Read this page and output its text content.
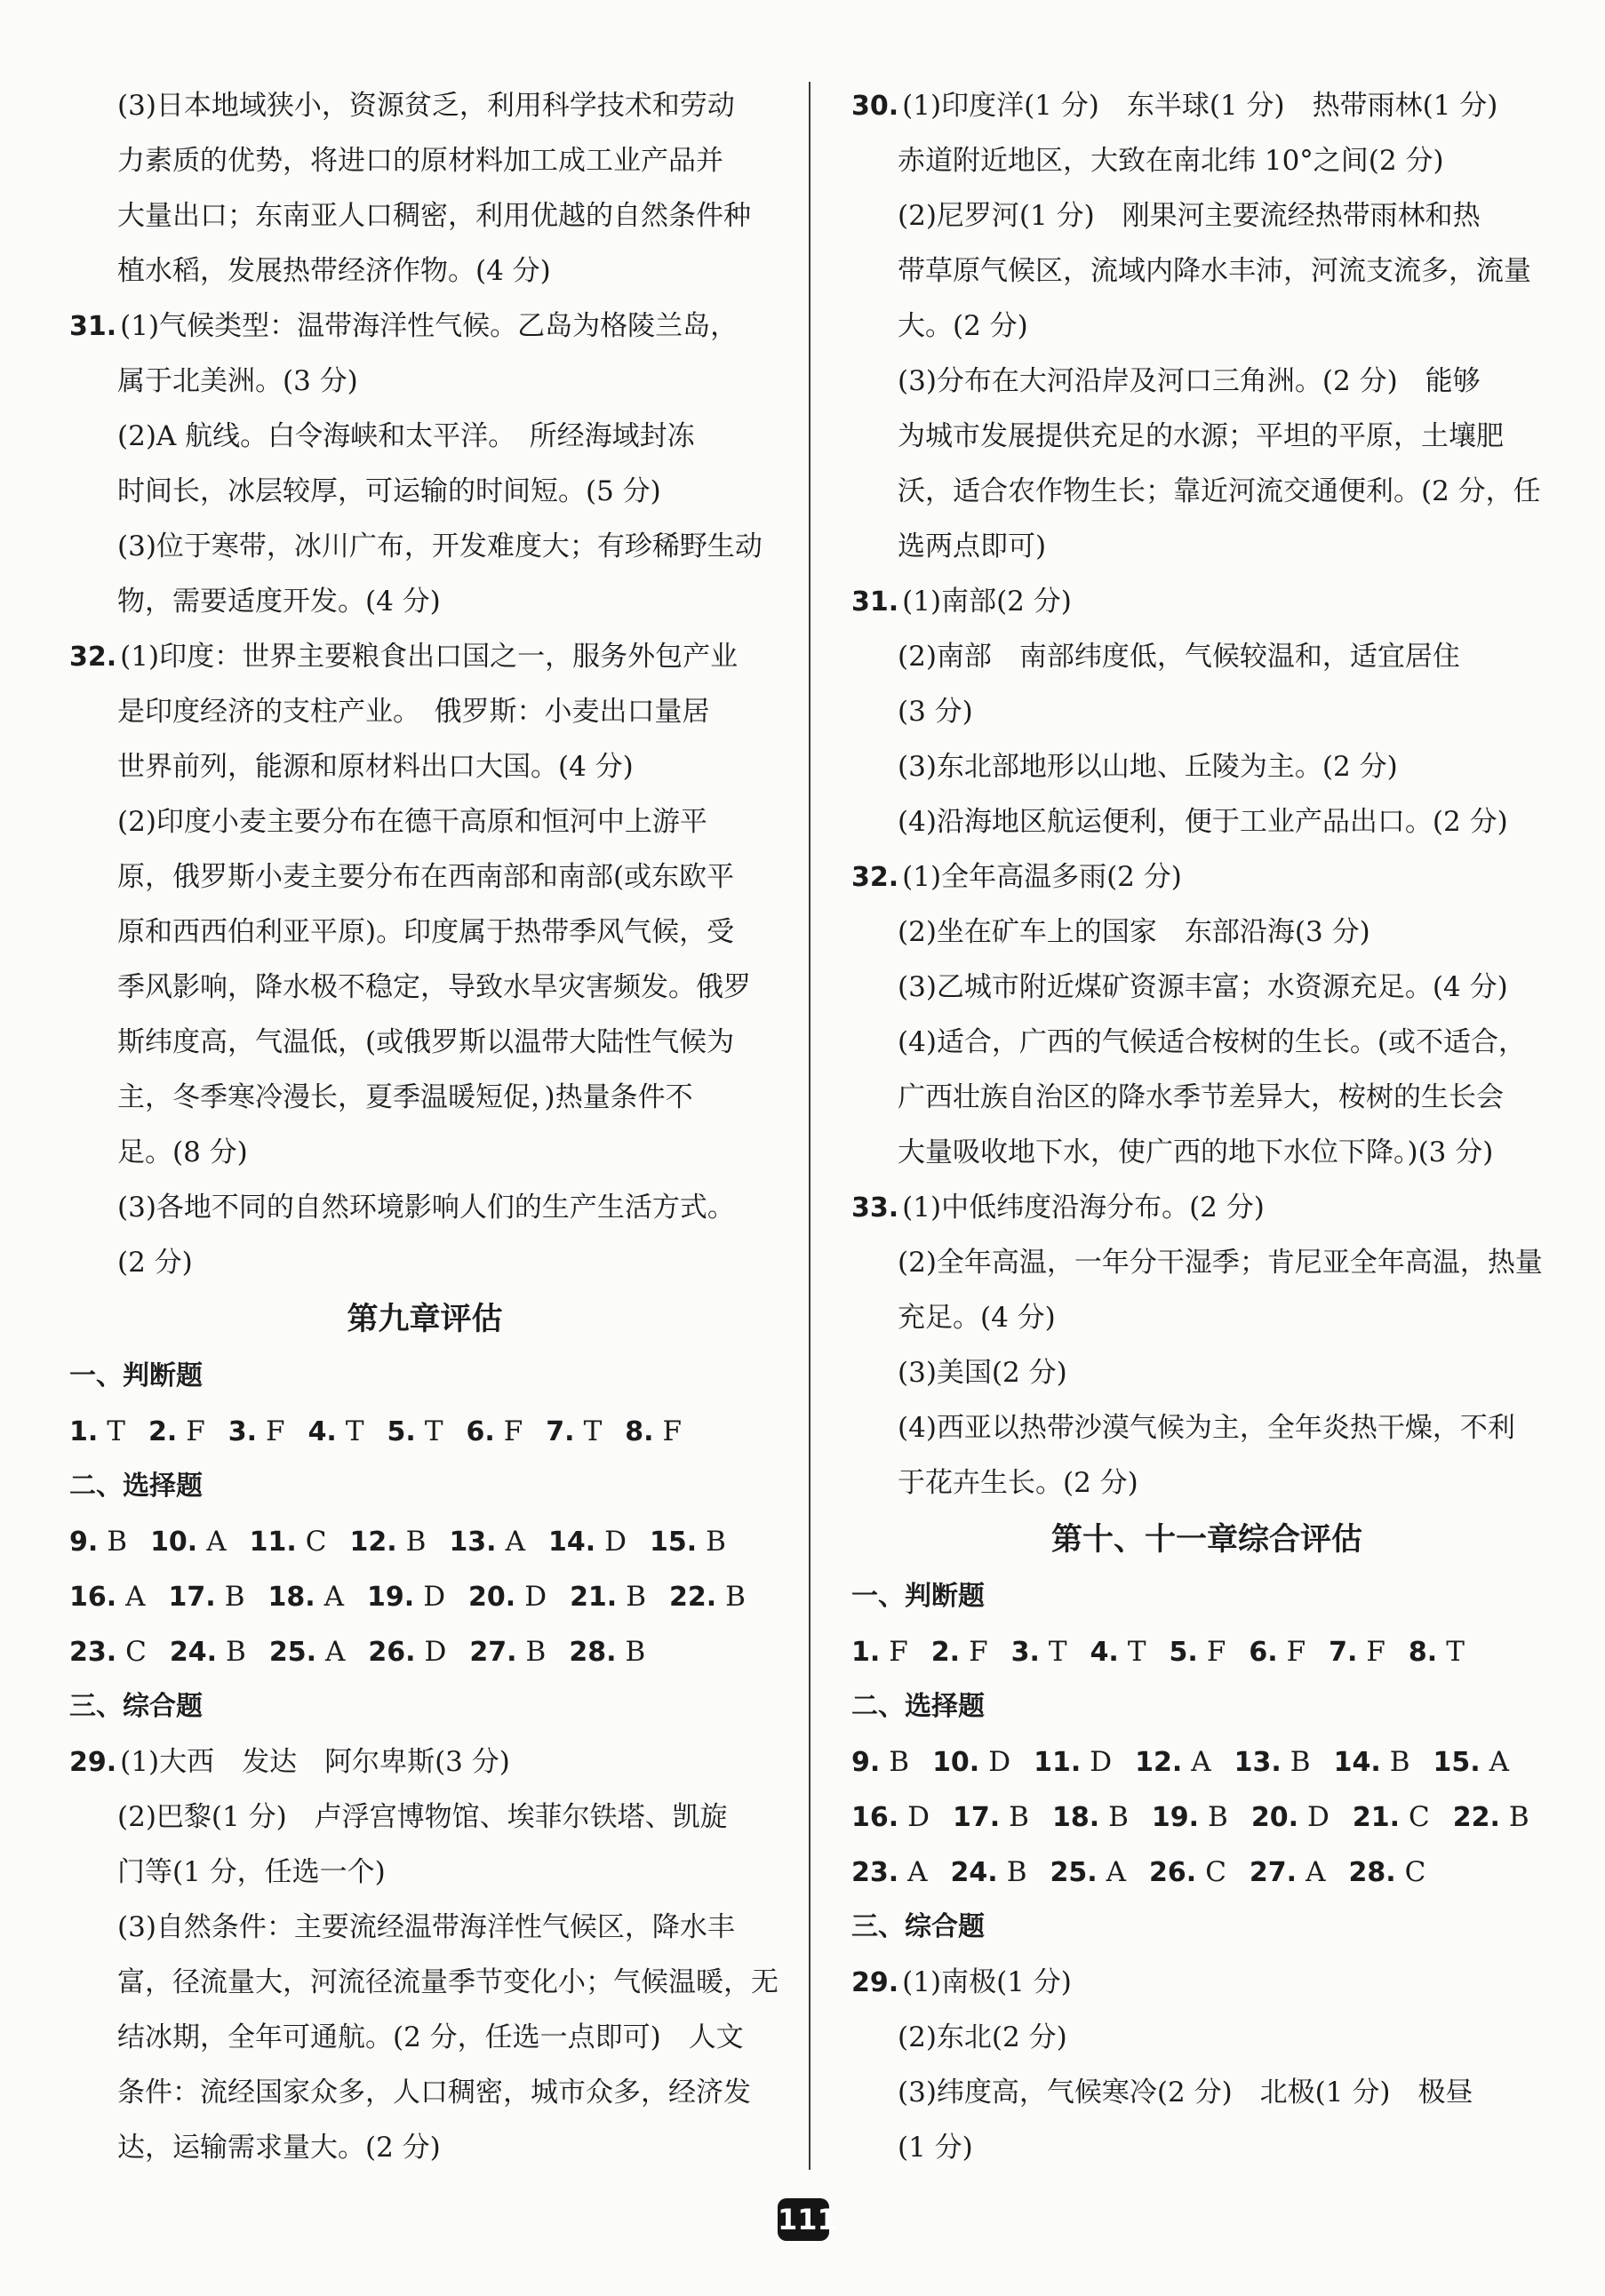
(3)日本地域狭小，资源贫乏，利用科学技术和劳动
力素质的优势，将进口的原材料加工成工业产品并
大量出口；东南亚人口稠密，利用优越的自然条件种
植水稻，发展热带经济作物。(4 分)
31. (1)气候类型：温带海洋性气候。乙岛为格陵兰岛，
属于北美洲。(3 分)
(2)A 航线。白令海峡和太平洋。　所经海域封冻
时间长，冰层较厚，可运输的时间短。(5 分)
(3)位于寒带，冰川广布，开发难度大；有珍稀野生动
物，需要适度开发。(4 分)
32. (1)印度：世界主要粮食出口国之一，服务外包产业
是印度经济的支柱产业。　俄罗斯：小麦出口量居
世界前列，能源和原材料出口大国。(4 分)
(2)印度小麦主要分布在德干高原和恒河中上游平
原，俄罗斯小麦主要分布在西南部和南部(或东欧平
原和西西伯利亚平原)。印度属于热带季风气候，受
季风影响，降水极不稳定，导致水旱灾害频发。俄罗
斯纬度高，气温低，(或俄罗斯以温带大陆性气候为
主，冬季寒冷漫长，夏季温暖短促，)热量条件不
足。(8 分)
(3)各地不同的自然环境影响人们的生产生活方式。
(2 分)
第九章评估
一、判断题
1. T 2. F 3. F 4. T 5. T 6. F 7. T 8. F
二、选择题
9. B 10. A 11. C 12. B 13. A 14. D 15. B
16. A 17. B 18. A 19. D 20. D 21. B 22. B
23. C 24. B 25. A 26. D 27. B 28. B
三、综合题
29. (1)大西　发达　阿尔卑斯(3 分)
(2)巴黎(1 分)　卢浮宫博物馆、埃菲尔铁塔、凯旋
门等(1 分，任选一个)
(3)自然条件：主要流经温带海洋性气候区，降水丰
富，径流量大，河流径流量季节变化小；气候温暖，无
结冰期，全年可通航。(2 分，任选一点即可)　人文
条件：流经国家众多，人口稠密，城市众多，经济发
达，运输需求量大。(2 分)
30. (1)印度洋(1 分)　东半球(1 分)　热带雨林(1 分)
赤道附近地区，大致在南北纬 10°之间(2 分)
(2)尼罗河(1 分)　刚果河主要流经热带雨林和热
带草原气候区，流域内降水丰沛，河流支流多，流量
大。(2 分)
(3)分布在大河沿岸及河口三角洲。(2 分)　能够
为城市发展提供充足的水源；平坦的平原，土壤肥
沃，适合农作物生长；靠近河流交通便利。(2 分，任
选两点即可)
31. (1)南部(2 分)
(2)南部　南部纬度低，气候较温和，适宜居住
(3 分)
(3)东北部地形以山地、丘陵为主。(2 分)
(4)沿海地区航运便利，便于工业产品出口。(2 分)
32. (1)全年高温多雨(2 分)
(2)坐在矿车上的国家　东部沿海(3 分)
(3)乙城市附近煤矿资源丰富；水资源充足。(4 分)
(4)适合，广西的气候适合桉树的生长。(或不适合，
广西壮族自治区的降水季节差异大，桉树的生长会
大量吸收地下水，使广西的地下水位下降。)(3 分)
33. (1)中低纬度沿海分布。(2 分)
(2)全年高温，一年分干湿季；肯尼亚全年高温，热量
充足。(4 分)
(3)美国(2 分)
(4)西亚以热带沙漠气候为主，全年炎热干燥，不利
于花卉生长。(2 分)
第十、十一章综合评估
一、判断题
1. F 2. F 3. T 4. T 5. F 6. F 7. F 8. T
二、选择题
9. B 10. D 11. D 12. A 13. B 14. B 15. A
16. D 17. B 18. B 19. B 20. D 21. C 22. B
23. A 24. B 25. A 26. C 27. A 28. C
三、综合题
29. (1)南极(1 分)
(2)东北(2 分)
(3)纬度高，气候寒冷(2 分)　北极(1 分)　极昼
(1 分)
111
